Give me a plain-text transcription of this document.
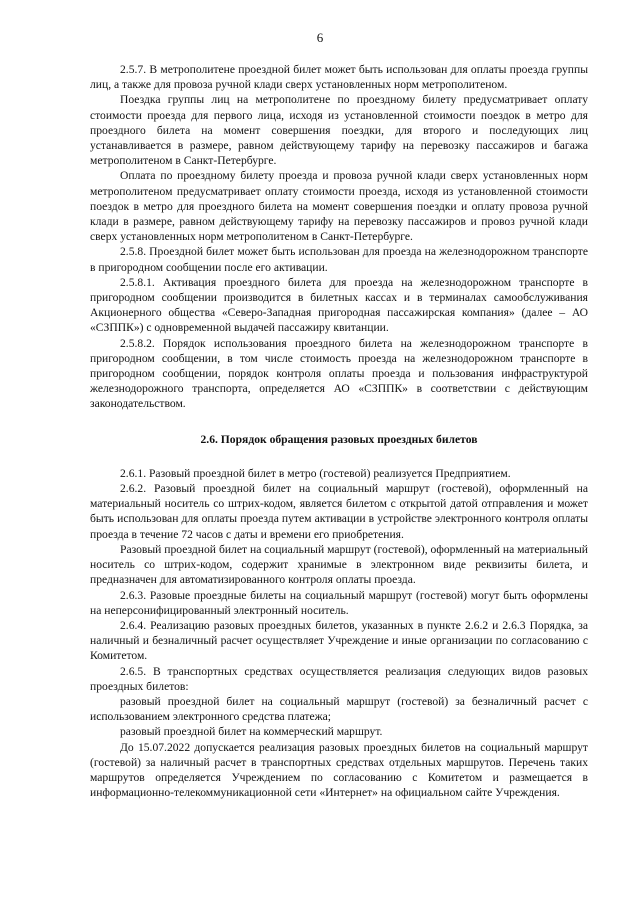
6

2.5.7. В метрополитене проездной билет может быть использован для оплаты проезда группы лиц, а также для провоза ручной клади сверх установленных норм метрополитеном.

Поездка группы лиц на метрополитене по проездному билету предусматривает оплату стоимости проезда для первого лица, исходя из установленной стоимости поездок в метро для проездного билета на момент совершения поездки, для второго и последующих лиц устанавливается в размере, равном действующему тарифу на перевозку пассажиров и багажа метрополитеном в Санкт-Петербурге.

Оплата по проездному билету проезда и провоза ручной клади сверх установленных норм метрополитеном предусматривает оплату стоимости проезда, исходя из установленной стоимости поездок в метро для проездного билета на момент совершения поездки и оплату провоза ручной клади в размере, равном действующему тарифу на перевозку пассажиров и провоз ручной клади сверх установленных норм метрополитеном в Санкт-Петербурге.

2.5.8. Проездной билет может быть использован для проезда на железнодорожном транспорте в пригородном сообщении после его активации.

2.5.8.1. Активация проездного билета для проезда на железнодорожном транспорте в пригородном сообщении производится в билетных кассах и в терминалах самообслуживания Акционерного общества «Северо-Западная пригородная пассажирская компания» (далее – АО «СЗППК») с одновременной выдачей пассажиру квитанции.

2.5.8.2. Порядок использования проездного билета на железнодорожном транспорте в пригородном сообщении, в том числе стоимость проезда на железнодорожном транспорте в пригородном сообщении, порядок контроля оплаты проезда и пользования инфраструктурой железнодорожного транспорта, определяется АО «СЗППК» в соответствии с действующим законодательством.

2.6. Порядок обращения разовых проездных билетов

2.6.1. Разовый проездной билет в метро (гостевой) реализуется Предприятием.

2.6.2. Разовый проездной билет на социальный маршрут (гостевой), оформленный на материальный носитель со штрих-кодом, является билетом с открытой датой отправления и может быть использован для оплаты проезда путем активации в устройстве электронного контроля оплаты проезда в течение 72 часов с даты и времени его приобретения.

Разовый проездной билет на социальный маршрут (гостевой), оформленный на материальный носитель со штрих-кодом, содержит хранимые в электронном виде реквизиты билета, и предназначен для автоматизированного контроля оплаты проезда.

2.6.3. Разовые проездные билеты на социальный маршрут (гостевой) могут быть оформлены на неперсонифицированный электронный носитель.

2.6.4. Реализацию разовых проездных билетов, указанных в пункте 2.6.2 и 2.6.3 Порядка, за наличный и безналичный расчет осуществляет Учреждение и иные организации по согласованию с Комитетом.

2.6.5. В транспортных средствах осуществляется реализация следующих видов разовых проездных билетов:

разовый проездной билет на социальный маршрут (гостевой) за безналичный расчет с использованием электронного средства платежа;

разовый проездной билет на коммерческий маршрут.

До 15.07.2022 допускается реализация разовых проездных билетов на социальный маршрут (гостевой) за наличный расчет в транспортных средствах отдельных маршрутов. Перечень таких маршрутов определяется Учреждением по согласованию с Комитетом и размещается в информационно-телекоммуникационной сети «Интернет» на официальном сайте Учреждения.
